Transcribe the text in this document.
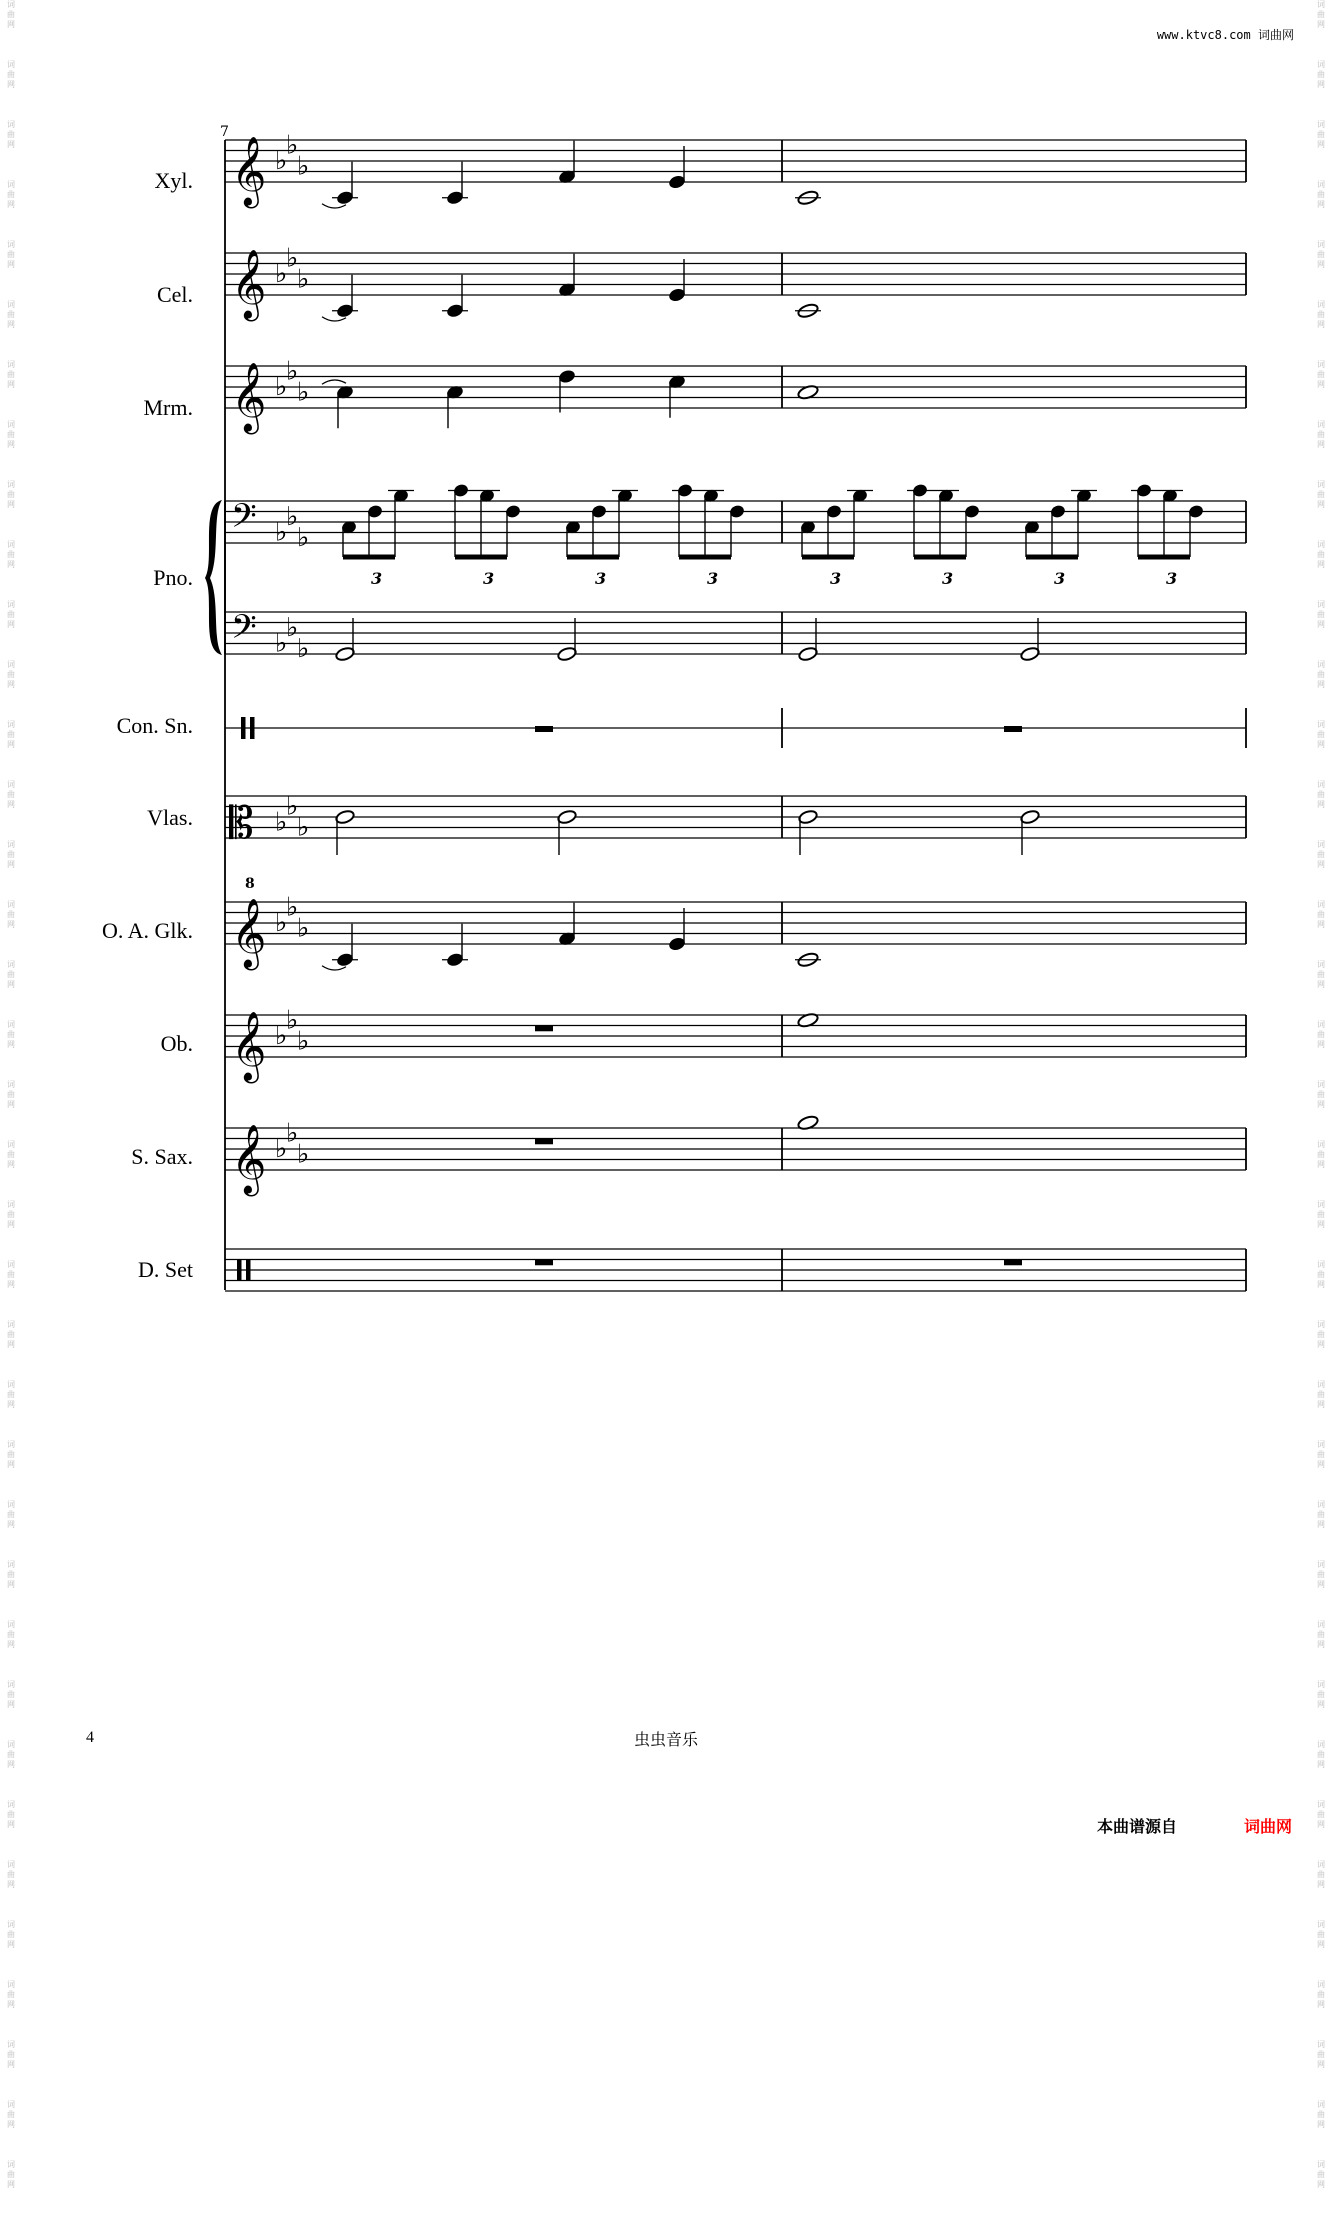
词
曲
网
词
曲
网
词
曲
网
词
曲
网
词
曲
网
词
曲
网
词
曲
网
词
曲
网
词
曲
网
词
曲
网
词
曲
网
词
曲
网
词
曲
网
词
曲
网
词
曲
网
词
曲
网
词
曲
网
词
曲
网
词
曲
网
词
曲
网
词
曲
网
词
曲
网
词
曲
网
词
曲
网
词
曲
网
词
曲
网
词
曲
网
词
曲
网
词
曲
网
词
曲
网
词
曲
网
词
曲
网
词
曲
网
词
曲
网
词
曲
网
词
曲
网
词
曲
网
词
曲
网
词
曲
网
词
曲
网
词
曲
网
词
曲
网
词
曲
网
词
曲
网
词
曲
网
词
曲
网
词
曲
网
词
曲
网
词
曲
网
词
曲
网
词
曲
网
词
曲
网
词
曲
网
词
曲
网
词
曲
网
词
曲
网
词
曲
网
词
曲
网
词
曲
网
词
曲
网
词
曲
网
词
曲
网
词
曲
网
词
曲
网
词
曲
网
词
曲
网
词
曲
网
词
曲
网
词
曲
网
词
曲
网
词
曲
网
词
曲
网
词
曲
网
词
曲
网
www.ktvc8.com 词曲网
7
8
Xyl.
Cel.
Mrm.
Pno.
Con. Sn.
Vlas.
O. A. Glk.
Ob.
S. Sax.
D. Set
𝄞 ♭
♭
♭
𝄞 ♭
♭
♭
𝄞 ♭
♭
♭
𝄞 ♭
♭
♭
𝄢
𝄢
♭
♭
♭
♭
♭
♭
3	3	3	3	3	3	3	3
𝄡 ♭
♭
♭
𝄞 ♭
♭
♭
𝄞 ♭
♭
♭
4	虫虫音乐
本曲谱源自	词曲网
